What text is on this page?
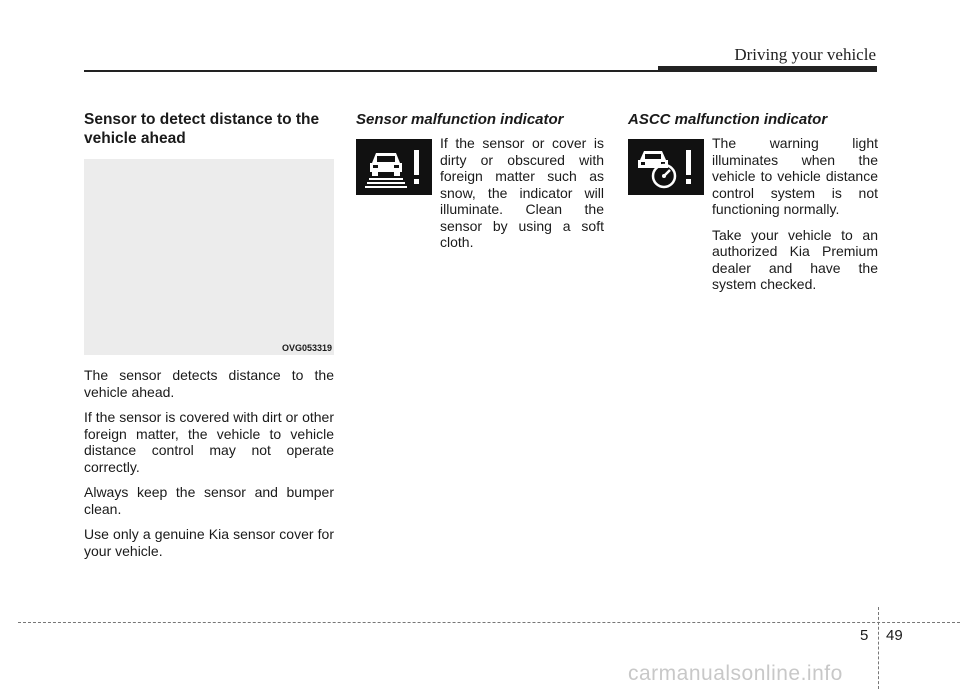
Driving your vehicle
Sensor to detect distance to the vehicle ahead
OVG053319

The sensor detects distance to the vehicle ahead.

If the sensor is covered with dirt or other foreign matter, the vehicle to vehicle distance control may not operate correctly.

Always keep the sensor and bumper clean.

Use only a genuine Kia sensor cover for your vehicle.

Sensor malfunction indicator

If the sensor or cover is dirty or obscured with foreign matter such as snow, the indicator will illuminate. Clean the sensor by using a soft cloth.

ASCC malfunction indicator

The warning light illuminates when the vehicle to vehicle distance control system is not functioning normally.

Take your vehicle to an authorized Kia Premium dealer and have the system checked.

5 49
carmanualsonline.info
